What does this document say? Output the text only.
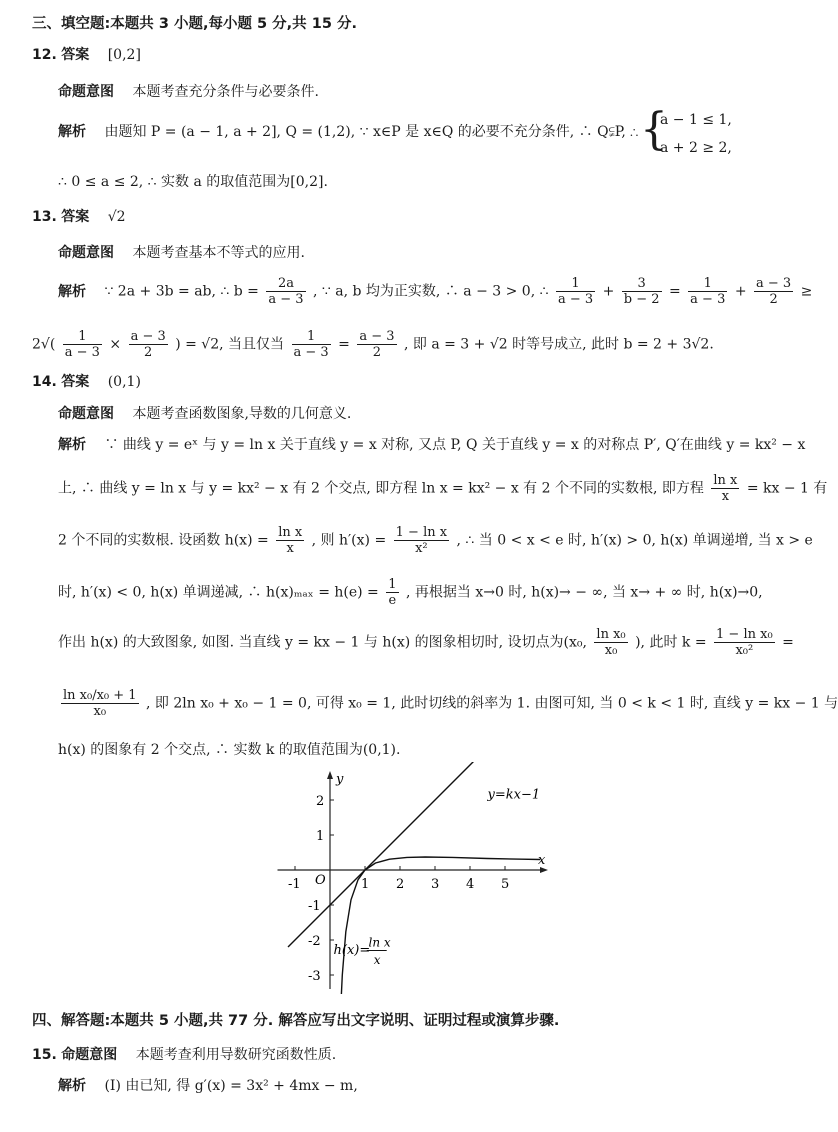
三、填空题:本题共 3 小题,每小题 5 分,共 15 分.
12. 答案 [0,2]
命题意图 本题考查充分条件与必要条件.
解析 由题知 P = (a − 1, a + 2], Q = (1,2), ∵ x∈P 是 x∈Q 的必要不充分条件, ∴ Q⫋P, ∴ {
a − 1 ≤ 1,
a + 2 ≥ 2,
∴ 0 ≤ a ≤ 2, ∴ 实数 a 的取值范围为[0,2].
13. 答案 √2
命题意图 本题考查基本不等式的应用.
解析 ∵ 2a + 3b = ab, ∴ $b = \frac{2a}{a - 3}$ , ∵ a, b 均为正实数, ∴ a − 3 > 0, ∴ $\frac{1}{a - 3} + \frac{3}{b - 2} = \frac{1}{a - 3} + \frac{a - 3}{2}$ ≥
$2√( \frac{1}{a - 3} \times \frac{a - 3}{2}$ ) = √2, 当且仅当 $\frac{1}{a - 3} = \frac{a - 3}{2}$ , 即 a = 3 + √2 时等号成立, 此时 b = 2 + 3√2.
14. 答案 (0,1)
命题意图 本题考查函数图象,导数的几何意义.
解析 ∵ 曲线 y = eˣ 与 y = ln x 关于直线 y = x 对称, 又点 P, Q 关于直线 y = x 的对称点 P′, Q′在曲线 y = kx² − x
上, ∴ 曲线 y = ln x 与 y = kx² − x 有 2 个交点, 即方程 ln x = kx² − x 有 2 个不同的实数根, 即方程 $\frac{\text{ln x}}{x}$ = kx − 1 有
2 个不同的实数根. 设函数 $h(x) = \frac{\text{ln x}}{x}$ , 则 $h'(x) = \frac{\text{1 − ln x}}{\text{x²}}$ , ∴ 当 0 < x < e 时, h′(x) > 0, h(x) 单调递增, 当 x > e
时, h′(x) < 0, h(x) 单调递减, ∴ $h(x)_{max} = h(e) = \frac{1}{e}$ , 再根据当 x→0 时, h(x)→ − ∞, 当 x→ + ∞ 时, h(x)→0,
作出 h(x) 的大致图象, 如图. 当直线 y = kx − 1 与 h(x) 的图象相切时, 设切点为(x₀, $\frac{\text{ln x₀}}{\text{x₀}}$ ), 此时 $k = \frac{\text{1 − ln x₀}}{\text{x₀²}}$ =
$\frac{\text{ln x₀/x₀ + 1}}{\text{x₀}}$ , 即 2ln x₀ + x₀ − 1 = 0, 可得 x₀ = 1, 此时切线的斜率为 1. 由图可知, 当 0 < k < 1 时, 直线 y = kx − 1 与
h(x) 的图象有 2 个交点, ∴ 实数 k 的取值范围为(0,1).
x
y
O
-1	1 2 3 4 5
2
1
-1
-2
-3
y=kx−1
h(x)=
ln x
x
四、解答题:本题共 5 小题,共 77 分. 解答应写出文字说明、证明过程或演算步骤.
15. 命题意图 本题考查利用导数研究函数性质.
解析 (Ⅰ) 由已知, 得 g′(x) = 3x² + 4mx − m,
